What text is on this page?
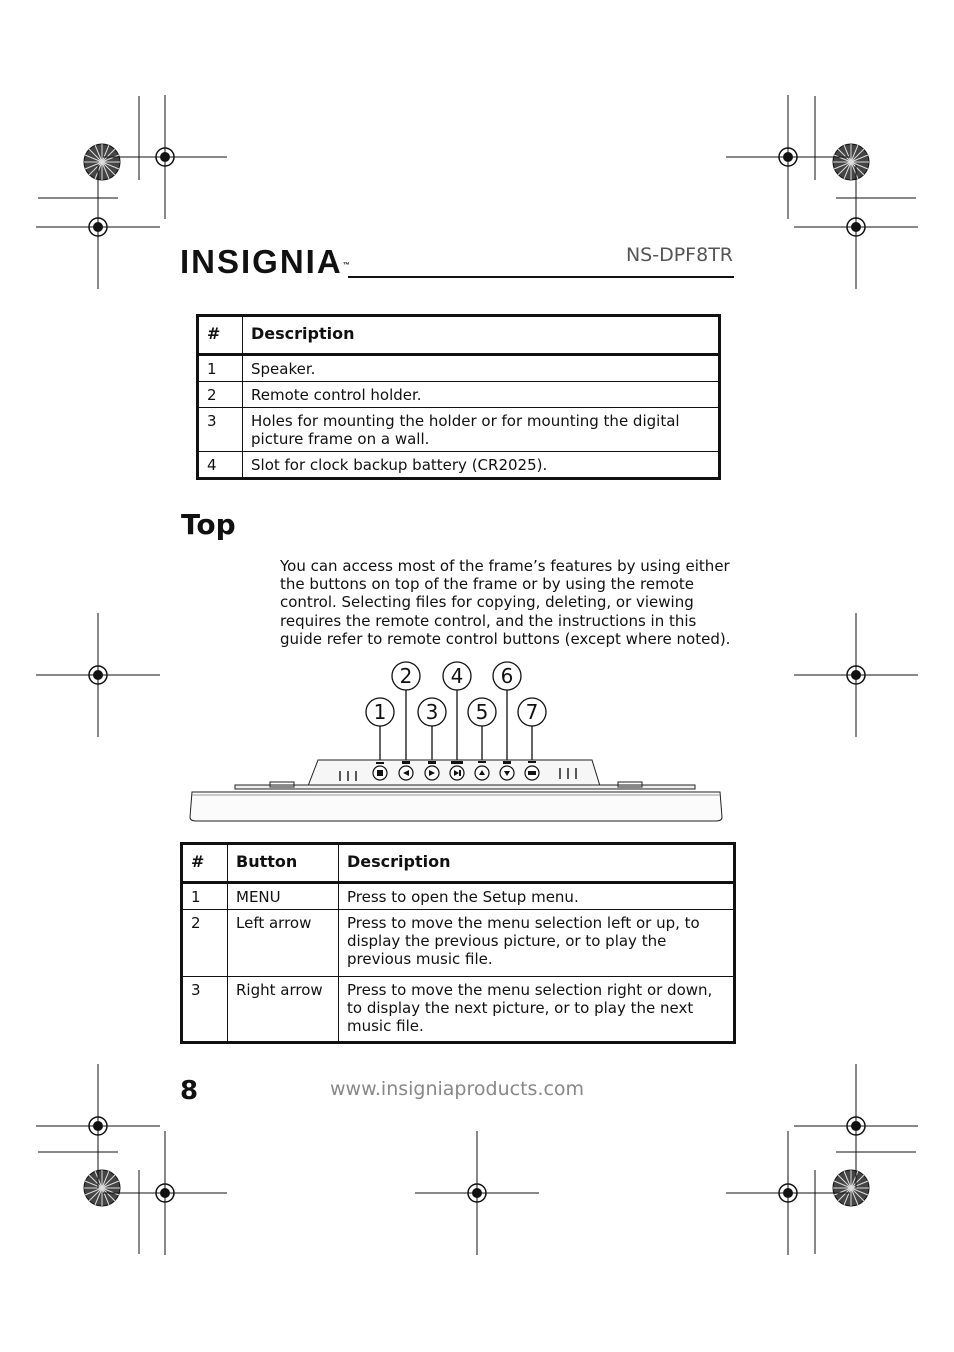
INSIGNIA™	NS-DPF8TR
#	Description
1	Speaker.
2	Remote control holder.
3	Holes for mounting the holder or for mounting the digital picture frame on a wall.
4	Slot for clock backup battery (CR2025).
Top
You can access most of the frame’s features by using either the buttons on top of the frame or by using the remote control. Selecting files for copying, deleting, or viewing requires the remote control, and the instructions in this guide refer to remote control buttons (except where noted).
1
2
3
4
5
6
7
#	Button	Description
1	MENU	Press to open the Setup menu.
2	Left arrow	Press to move the menu selection left or up, to display the previous picture, or to play the previous music file.
3	Right arrow	Press to move the menu selection right or down, to display the next picture, or to play the next music file.
8	www.insigniaproducts.com
